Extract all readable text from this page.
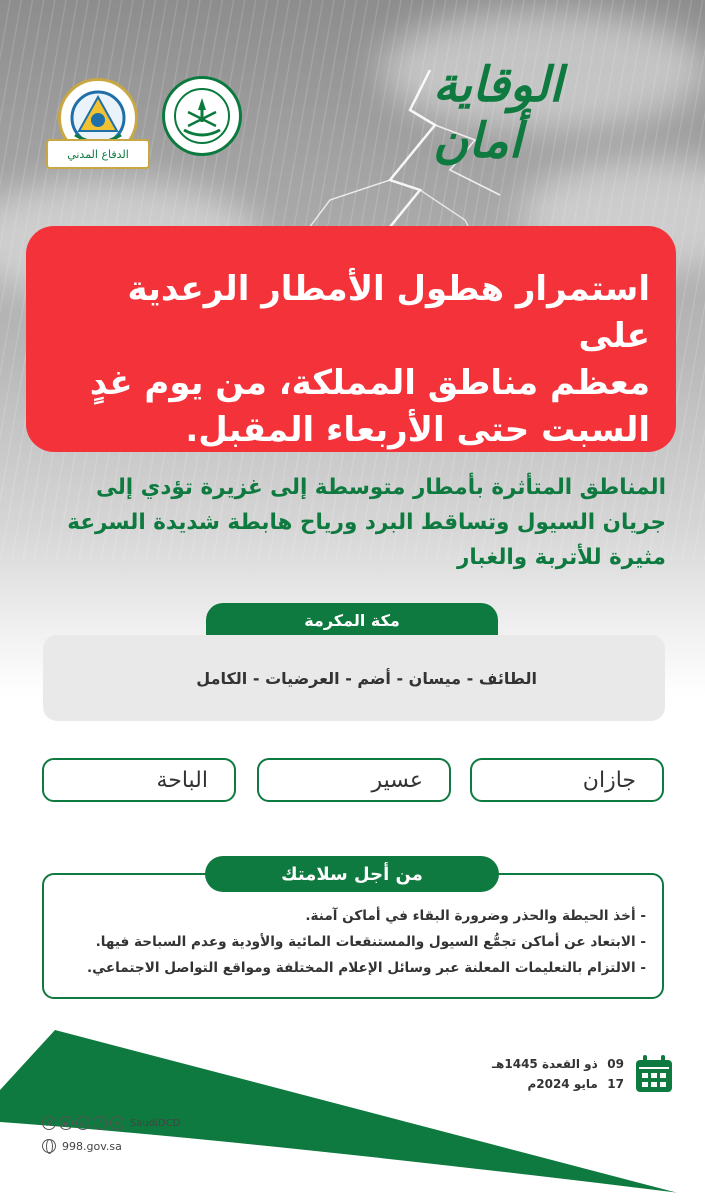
الدفاع المدني
الوقاية أمان

استمرار هطول الأمطار الرعدية على

معظم مناطق المملكة، من يوم غدٍ

السبت حتى الأربعاء المقبل.

المناطق المتأثرة بأمطار متوسطة إلى غزيرة تؤدي إلى
جريان السيول وتساقط البرد ورياح هابطة شديدة السرعة
مثيرة للأتربة والغبار
مكة المكرمة
الطائف - ميسان - أضم - العرضيات - الكامل
جازان
عسير
الباحة
من أجل سلامتك
- أخذ الحيطة والحذر وضرورة البقاء في أماكن آمنة.
- الابتعاد عن أماكن تجمُّع السيول والمستنقعات المائية والأودية وعدم السباحة فيها.
- الالتزام بالتعليمات المعلنة عبر وسائل الإعلام المختلفة ومواقع التواصل الاجتماعي.
09 ذو القعدة 1445هـ
17 مايو 2024م
X	▶	◎	f	➤ SaudiDCD
998.gov.sa
